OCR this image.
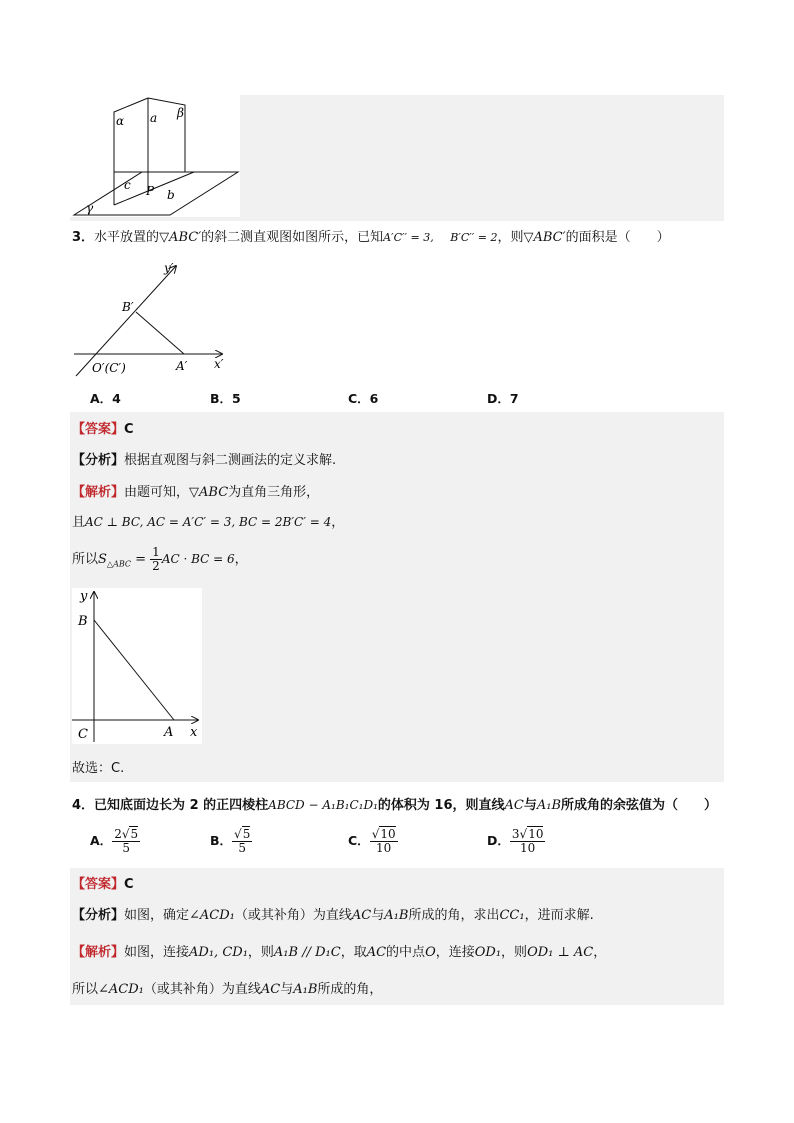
α a β
c P b
γ
3．水平放置的▽ABC′的斜二测直观图如图所示，已知A′C′′ = 3, B′C′′ = 2，则▽ABC′的面积是（　　）
y′
B′
O′(C′)	A′ x′
A．4	B．5	C．6	D．7
【答案】C
【分析】根据直观图与斜二测画法的定义求解.
【解析】由题可知，▽ABC为直角三角形，
且AC ⊥ BC, AC = A′C′ = 3, BC = 2B′C′ = 4，
所以$S_{\triangle ABC} = \frac{1}{2}$ AC · BC = 6，
y
B
C	A x
故选：C.
4．已知底面边长为 2 的正四棱柱ABCD − A₁B₁C₁D₁的体积为 16，则直线AC与A₁B所成角的余弦值为（　　）
A． $\frac{2√5}{5}$	B． $\frac{√5}{5}$	C． $\frac{√10}{10}$	D． $\frac{3√10}{10}$
【答案】C
【分析】如图，确定∠ACD₁（或其补角）为直线AC与A₁B所成的角，求出CC₁，进而求解.
【解析】如图，连接AD₁, CD₁，则A₁B // D₁C，取AC的中点O，连接OD₁，则OD₁ ⊥ AC，
所以∠ACD₁（或其补角）为直线AC与A₁B所成的角，
